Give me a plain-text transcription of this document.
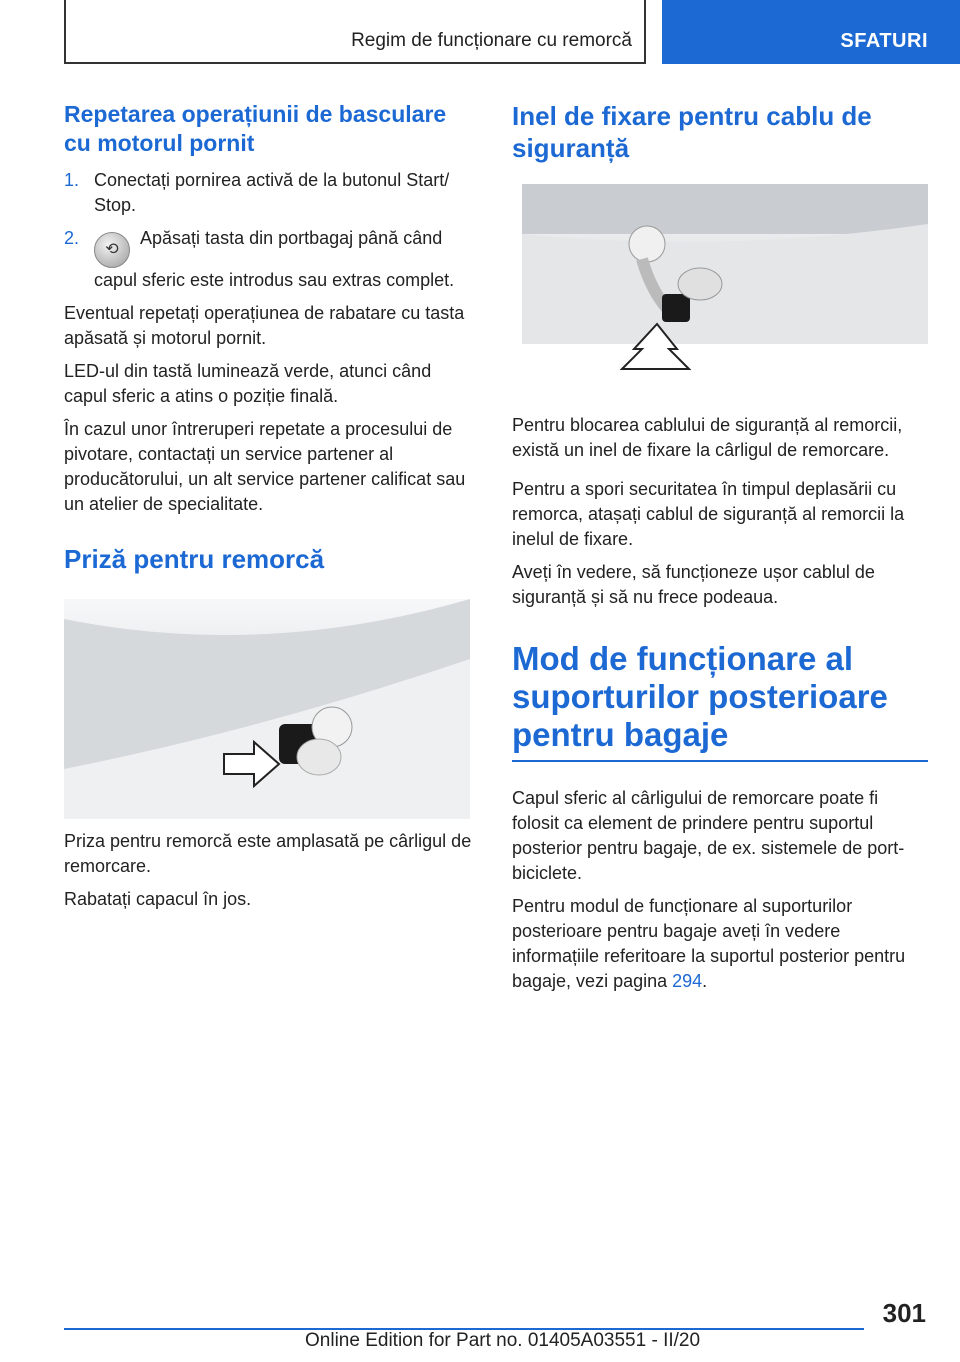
Regim de funcționare cu remorcă	SFATURI
Repetarea operațiunii de basculare cu motorul pornit
1. Conectați pornirea activă de la butonul Start/ Stop.
2.
⟲ Apăsați tasta din portbagaj până când capul sferic este introdus sau extras complet.

Eventual repetați operațiunea de rabatare cu tasta apăsată și motorul pornit.

LED-ul din tastă luminează verde, atunci când capul sferic a atins o poziție finală.

În cazul unor întreruperi repetate a procesului de pivotare, contactați un service partener al producătorului, un alt service partener calificat sau un atelier de specialitate.

Priză pentru remorcă

Priza pentru remorcă este amplasată pe cârligul de remorcare.

Rabatați capacul în jos.

Inel de fixare pentru cablu de siguranță

Pentru blocarea cablului de siguranță al remorcii, există un inel de fixare la cârligul de remorcare.

Pentru a spori securitatea în timpul deplasării cu remorca, atașați cablul de siguranță al remorcii la inelul de fixare.

Aveți în vedere, să funcționeze ușor cablul de siguranță și să nu frece podeaua.

Mod de funcționare al suporturilor posterioare pentru bagaje

Capul sferic al cârligului de remorcare poate fi folosit ca element de prindere pentru suportul posterior pentru bagaje, de ex. sistemele de port-biciclete.

Pentru modul de funcționare al suporturilor posterioare pentru bagaje aveți în vedere informațiile referitoare la suportul posterior pentru bagaje, vezi pagina 294.

301
Online Edition for Part no. 01405A03551 - II/20
